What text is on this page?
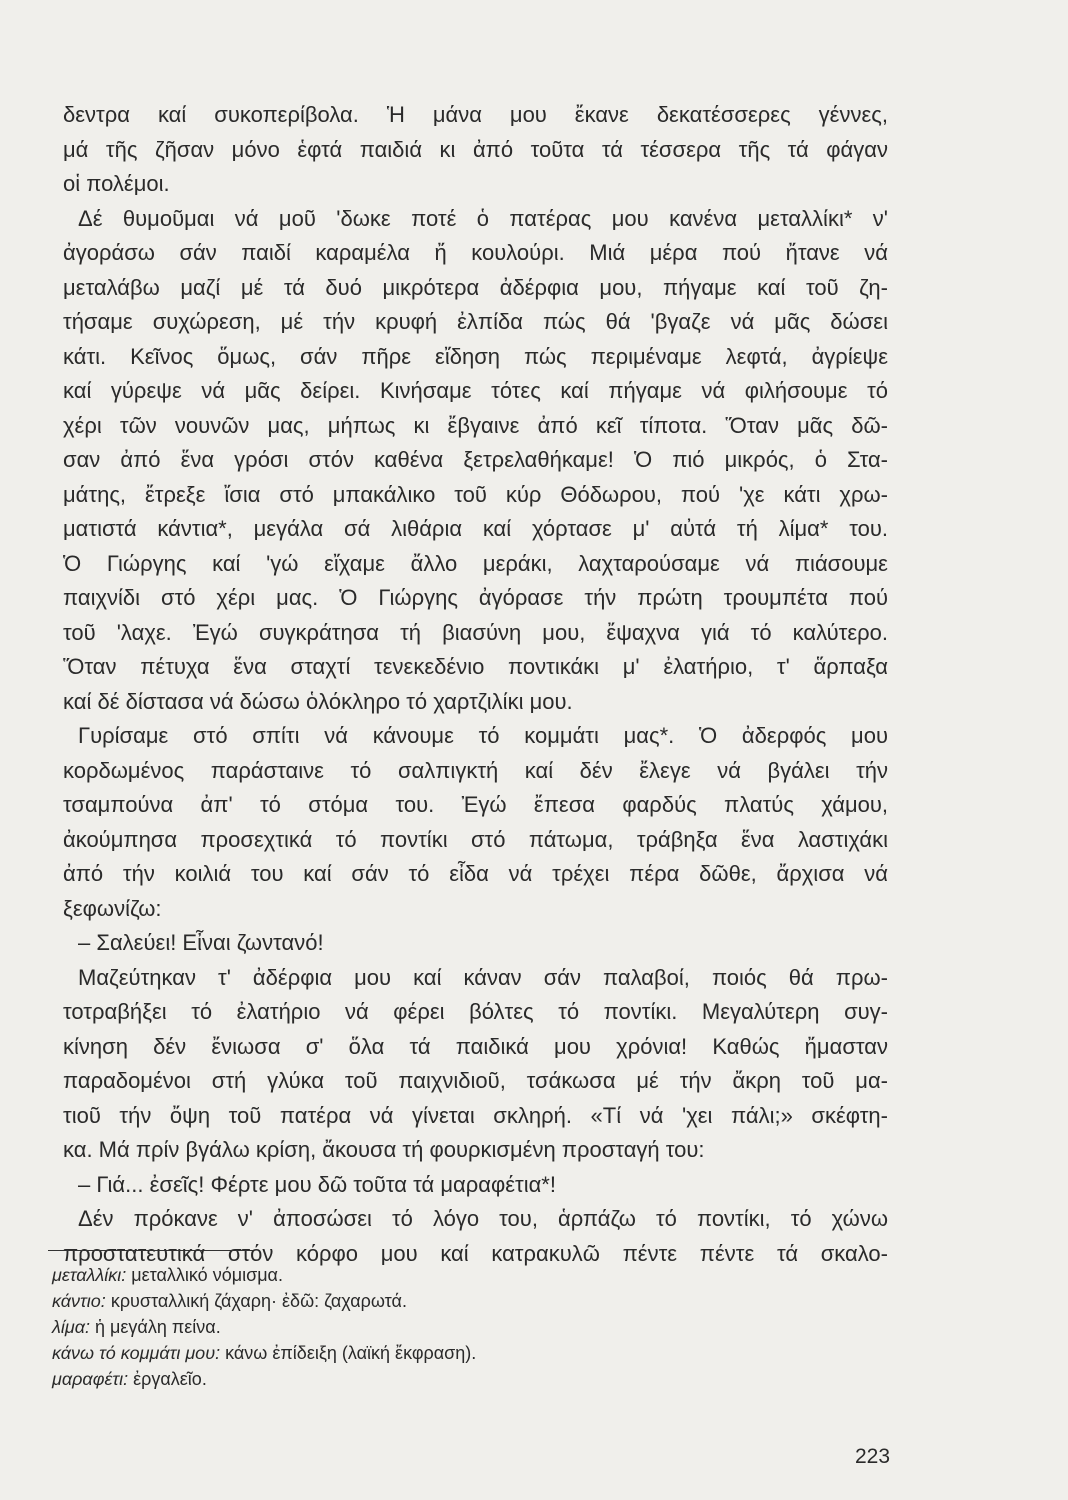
δεντρα καί συκοπερίβολα. Ἡ μάνα μου ἔκανε δεκατέσσερες γέννες,
μά τῆς ζῆσαν μόνο ἑφτά παιδιά κι ἀπό τοῦτα τά τέσσερα τῆς τά φάγαν
οἱ πολέμοι.
Δέ θυμοῦμαι νά μοῦ 'δωκε ποτέ ὁ πατέρας μου κανένα μεταλλίκι* ν'
ἀγοράσω σάν παιδί καραμέλα ἤ κουλούρι. Μιά μέρα πού ἤτανε νά
μεταλάβω μαζί μέ τά δυό μικρότερα ἀδέρφια μου, πήγαμε καί τοῦ ζη-
τήσαμε συχώρεση, μέ τήν κρυφή ἐλπίδα πώς θά 'βγαζε νά μᾶς δώσει
κάτι. Κεῖνος ὅμως, σάν πῆρε εἴδηση πώς περιμέναμε λεφτά, ἀγρίεψε
καί γύρεψε νά μᾶς δείρει. Κινήσαμε τότες καί πήγαμε νά φιλήσουμε τό
χέρι τῶν νουνῶν μας, μήπως κι ἔβγαινε ἀπό κεῖ τίποτα. Ὅταν μᾶς δῶ-
σαν ἀπό ἕνα γρόσι στόν καθένα ξετρελαθήκαμε! Ὁ πιό μικρός, ὁ Στα-
μάτης, ἔτρεξε ἴσια στό μπακάλικο τοῦ κύρ Θόδωρου, πού 'χε κάτι χρω-
ματιστά κάντια*, μεγάλα σά λιθάρια καί χόρτασε μ' αὐτά τή λίμα* του.
Ὁ Γιώργης καί 'γώ εἴχαμε ἄλλο μεράκι, λαχταρούσαμε νά πιάσουμε
παιχνίδι στό χέρι μας. Ὁ Γιώργης ἀγόρασε τήν πρώτη τρουμπέτα πού
τοῦ 'λαχε. Ἐγώ συγκράτησα τή βιασύνη μου, ἔψαχνα γιά τό καλύτερο.
Ὅταν πέτυχα ἕνα σταχτί τενεκεδένιο ποντικάκι μ' ἐλατήριο, τ' ἅρπαξα
καί δέ δίστασα νά δώσω ὁλόκληρο τό χαρτζιλίκι μου.
Γυρίσαμε στό σπίτι νά κάνουμε τό κομμάτι μας*. Ὁ ἀδερφός μου
κορδωμένος παράσταινε τό σαλπιγκτή καί δέν ἔλεγε νά βγάλει τήν
τσαμπούνα ἀπ' τό στόμα του. Ἐγώ ἔπεσα φαρδύς πλατύς χάμου,
ἀκούμπησα προσεχτικά τό ποντίκι στό πάτωμα, τράβηξα ἕνα λαστιχάκι
ἀπό τήν κοιλιά του καί σάν τό εἶδα νά τρέχει πέρα δῶθε, ἄρχισα νά
ξεφωνίζω:
– Σαλεύει! Εἶναι ζωντανό!
Μαζεύτηκαν τ' ἀδέρφια μου καί κάναν σάν παλαβοί, ποιός θά πρω-
τοτραβήξει τό ἐλατήριο νά φέρει βόλτες τό ποντίκι. Μεγαλύτερη συγ-
κίνηση δέν ἔνιωσα σ' ὅλα τά παιδικά μου χρόνια! Καθώς ἤμασταν
παραδομένοι στή γλύκα τοῦ παιχνιδιοῦ, τσάκωσα μέ τήν ἄκρη τοῦ μα-
τιοῦ τήν ὄψη τοῦ πατέρα νά γίνεται σκληρή. «Τί νά 'χει πάλι;» σκέφτη-
κα. Μά πρίν βγάλω κρίση, ἄκουσα τή φουρκισμένη προσταγή του:
– Γιά... ἐσεῖς! Φέρτε μου δῶ τοῦτα τά μαραφέτια*!
Δέν πρόκανε ν' ἀποσώσει τό λόγο του, ἁρπάζω τό ποντίκι, τό χώνω
προστατευτικά στόν κόρφο μου καί κατρακυλῶ πέντε πέντε τά σκαλο-
μεταλλίκι: μεταλλικό νόμισμα.
κάντιο: κρυσταλλική ζάχαρη· ἐδῶ: ζαχαρωτά.
λίμα: ἡ μεγάλη πείνα.
κάνω τό κομμάτι μου: κάνω ἐπίδειξη (λαϊκή ἔκφραση).
μαραφέτι: ἐργαλεῖο.
223
